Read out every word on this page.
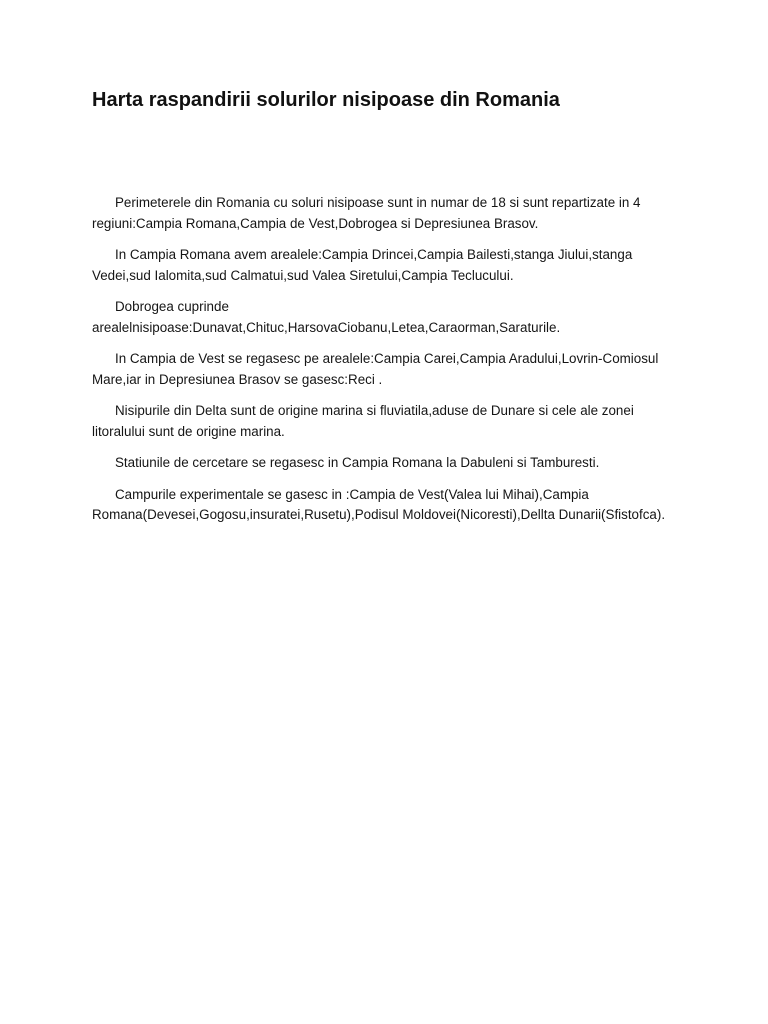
Harta raspandirii solurilor nisipoase din Romania

Perimeterele din Romania cu soluri nisipoase sunt in numar de 18 si sunt repartizate in 4 regiuni:Campia Romana,Campia de Vest,Dobrogea si Depresiunea Brasov.

In Campia Romana avem arealele:Campia Drincei,Campia Bailesti,stanga Jiului,stanga Vedei,sud Ialomita,sud Calmatui,sud Valea Siretului,Campia Teclucului.

Dobrogea cuprinde arealelnisipoase:Dunavat,Chituc,HarsovaCiobanu,Letea,Caraorman,Saraturile.

In Campia de Vest se regasesc pe arealele:Campia Carei,Campia Aradului,Lovrin-Comiosul Mare,iar in Depresiunea Brasov se gasesc:Reci .

Nisipurile din Delta sunt de origine marina si fluviatila,aduse de Dunare si cele ale zonei litoralului sunt de origine marina.

Statiunile de cercetare se regasesc in Campia Romana la Dabuleni si Tamburesti.

Campurile experimentale se gasesc in :Campia de Vest(Valea lui Mihai),Campia Romana(Devesei,Gogosu,insuratei,Rusetu),Podisul Moldovei(Nicoresti),Dellta Dunarii(Sfistofca).
